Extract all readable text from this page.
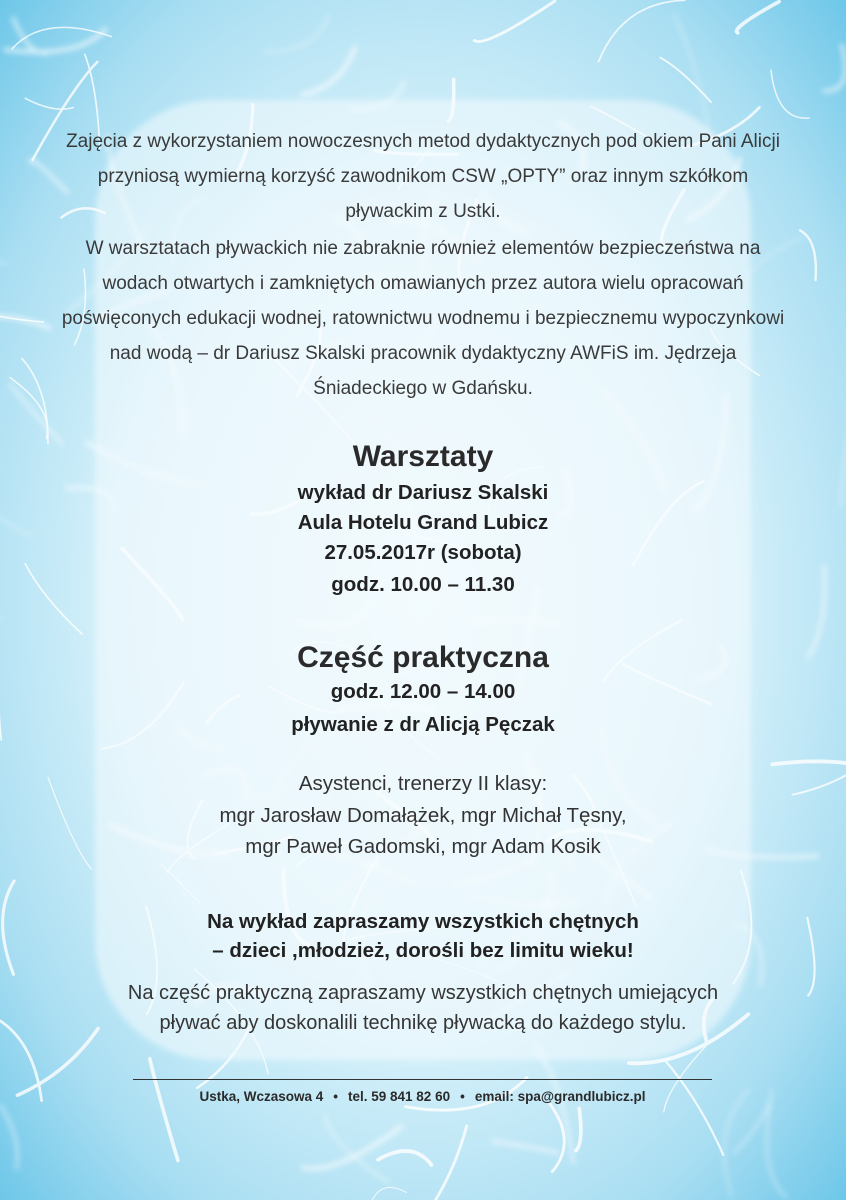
Zajęcia z wykorzystaniem nowoczesnych metod dydaktycznych pod okiem Pani Alicji przyniosą wymierną korzyść zawodnikom CSW „OPTY” oraz innym szkółkom pływackim z Ustki.

W warsztatach pływackich nie zabraknie również elementów bezpieczeństwa na wodach otwartych i zamkniętych omawianych przez autora wielu opracowań poświęconych edukacji wodnej, ratownictwu wodnemu i bezpiecznemu wypoczynkowi nad wodą – dr Dariusz Skalski pracownik dydaktyczny AWFiS im. Jędrzeja Śniadeckiego w Gdańsku.

Warsztaty
wykład dr Dariusz Skalski
Aula Hotelu Grand Lubicz
27.05.2017r (sobota)
godz. 10.00 – 11.30
Część praktyczna
godz. 12.00 – 14.00
pływanie z dr Alicją Pęczak
Asystenci, trenerzy II klasy:
mgr Jarosław Domałążek, mgr Michał Tęsny,
mgr Paweł Gadomski, mgr Adam Kosik
Na wykład zapraszamy wszystkich chętnych
– dzieci ,młodzież, dorośli bez limitu wieku!
Na część praktyczną zapraszamy wszystkich chętnych umiejących
pływać aby doskonalili technikę pływacką do każdego stylu.
Ustka, Wczasowa 4 • tel. 59 841 82 60 • email: spa@grandlubicz.pl
